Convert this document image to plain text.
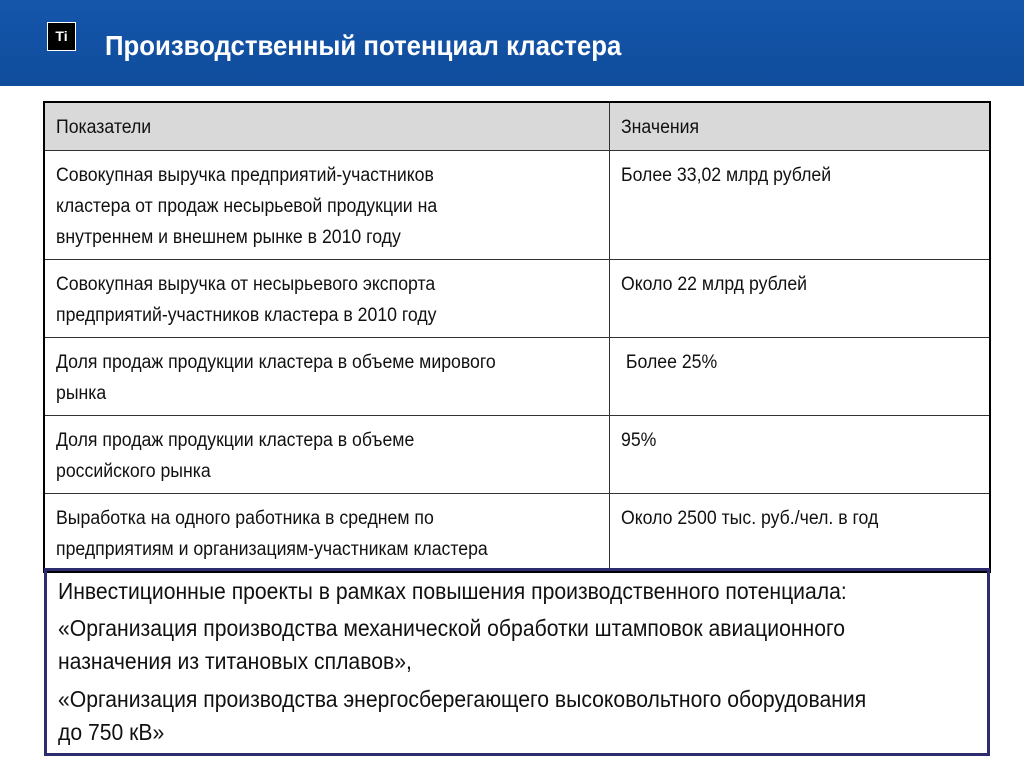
Ti	Производственный потенциал кластера
Показатели	Значения

Совокупная выручка предприятий-участников
кластера от продаж несырьевой продукции на
внутреннем и внешнем рынке в 2010 году	Более 33,02 млрд рублей

Совокупная выручка от несырьевого экспорта
предприятий-участников кластера в 2010 году	Около 22 млрд рублей

Доля продаж продукции кластера в объеме мирового
рынка	Более 25%

Доля продаж продукции кластера в объеме
российского рынка	95%

Выработка на одного работника в среднем по
предприятиям и организациям-участникам кластера	Около 2500 тыс. руб./чел. в год

Инвестиционные проекты в рамках повышения производственного потенциала:

«Организация производства механической обработки штамповок авиационного
назначения из титановых сплавов»,

«Организация производства энергосберегающего высоковольтного оборудования
до 750 кВ»
